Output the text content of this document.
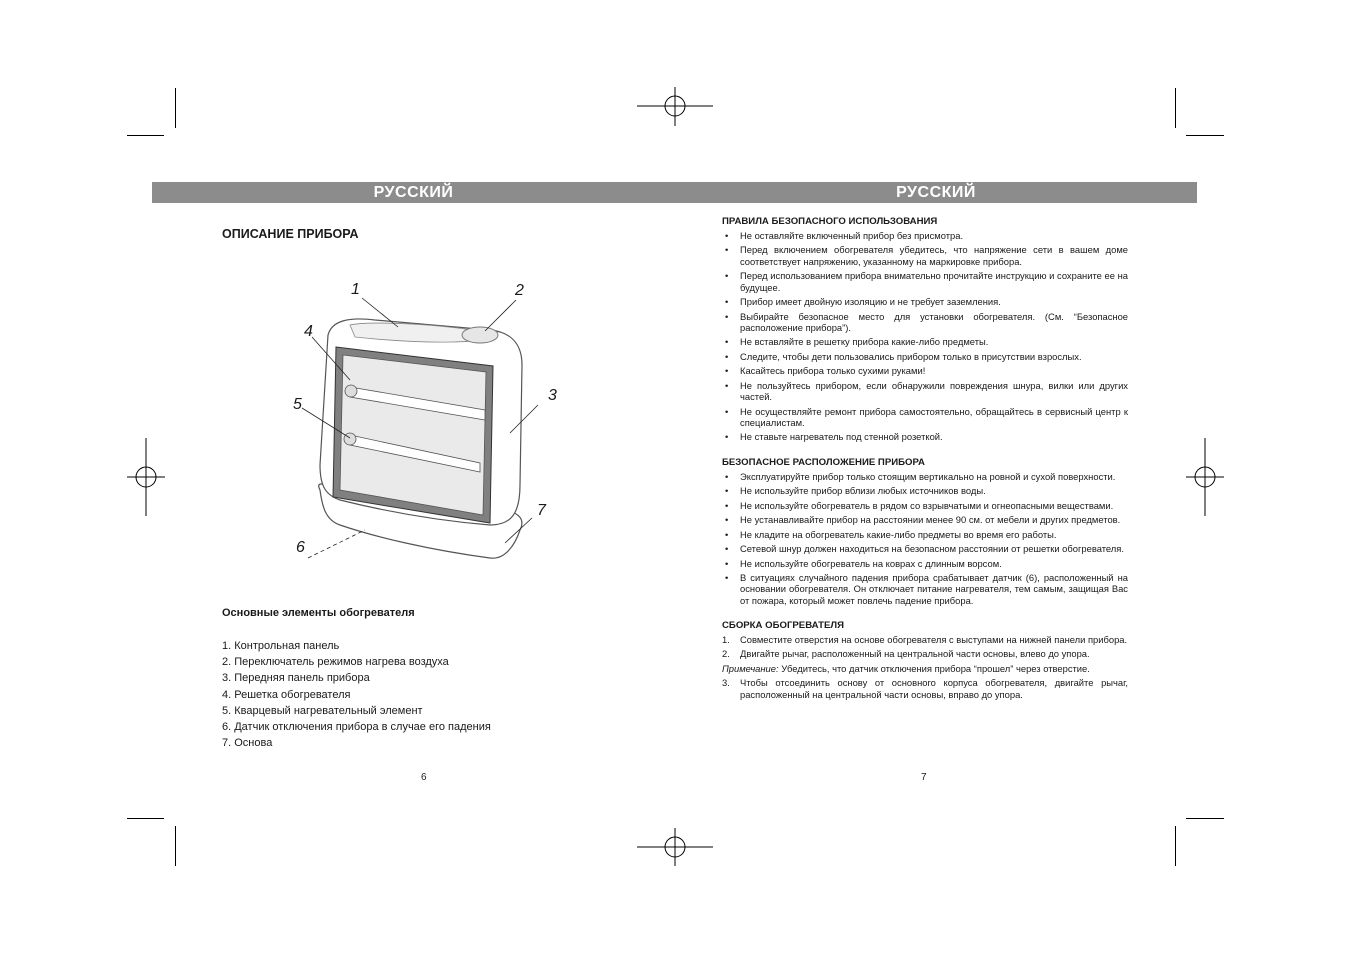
РУССКИЙ	РУССКИЙ
ОПИСАНИЕ ПРИБОРА
1	2
3
4
5
6
7
Основные элементы обогревателя
1. Контрольная панель
2. Переключатель режимов нагрева воздуха
3. Передняя панель прибора
4. Решетка обогревателя
5. Кварцевый нагревательный элемент
6. Датчик отключения прибора в случае его падения
7. Основа
6
ПРАВИЛА БЕЗОПАСНОГО ИСПОЛЬЗОВАНИЯ
• Не оставляйте включенный прибор без присмотра.
• Перед включением обогревателя убедитесь, что напряжение сети в вашем доме соответствует напряжению, указанному на маркировке прибора.
• Перед использованием прибора внимательно прочитайте инструкцию и сохраните ее на будущее.
• Прибор имеет двойную изоляцию и не требует заземления.
• Выбирайте безопасное место для установки обогревателя. (См. “Безопасное расположение прибора”).
• Не вставляйте в решетку прибора какие-либо предметы.
• Следите, чтобы дети пользовались прибором только в присутствии взрослых.
• Касайтесь прибора только сухими руками!
• Не пользуйтесь прибором, если обнаружили повреждения шнура, вилки или других частей.
• Не осуществляйте ремонт прибора самостоятельно, обращайтесь в сервисный центр к специалистам.
• Не ставьте нагреватель под стенной розеткой.
БЕЗОПАСНОЕ РАСПОЛОЖЕНИЕ ПРИБОРА
• Эксплуатируйте прибор только стоящим вертикально на ровной и сухой поверхности.
• Не используйте прибор вблизи любых источников воды.
• Не используйте обогреватель в рядом со взрывчатыми и огнеопасными веществами.
• Не устанавливайте прибор на расстоянии менее 90 см. от мебели и других предметов.
• Не кладите на обогреватель какие-либо предметы во время его работы.
• Сетевой шнур должен находиться на безопасном расстоянии от решетки обогревателя.
• Не используйте обогреватель на коврах с длинным ворсом.
• В ситуациях случайного падения прибора срабатывает датчик (6), расположенный на основании обогревателя. Он отключает питание нагревателя, тем самым, защищая Вас от пожара, который может повлечь падение прибора.
СБОРКА ОБОГРЕВАТЕЛЯ
1. Совместите отверстия на основе обогревателя с выступами на нижней панели прибора.
2. Двигайте рычаг, расположенный на центральной части основы, влево до упора.
Примечание: Убедитесь, что датчик отключения прибора “прошел” через отверстие.
3. Чтобы отсоединить основу от основного корпуса обогревателя, двигайте рычаг, расположенный на центральной части основы, вправо до упора.
7
